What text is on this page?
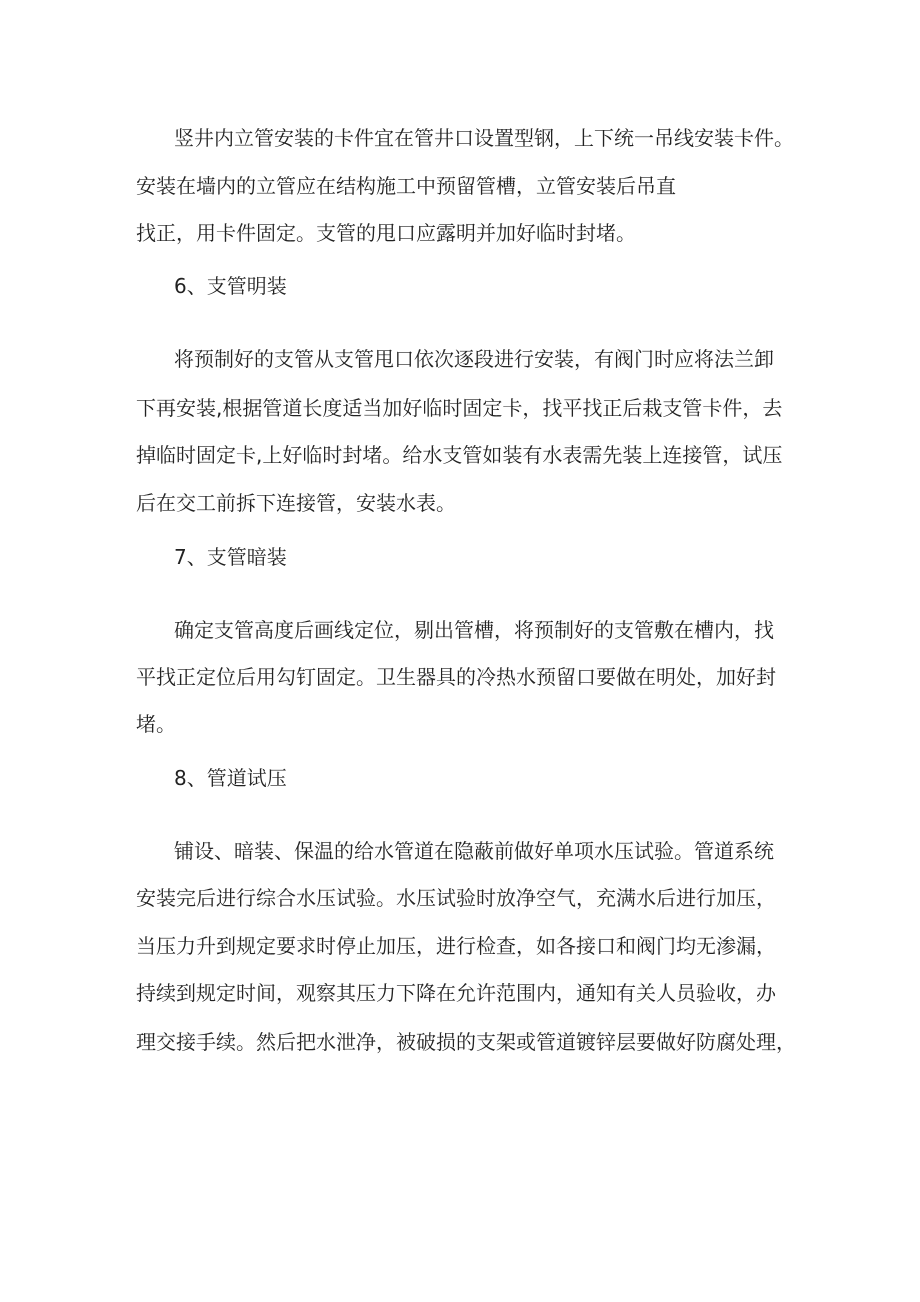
竖井内立管安装的卡件宜在管井口设置型钢，上下统一吊线安装卡件。
安装在墙内的立管应在结构施工中预留管槽，立管安装后吊直
找正，用卡件固定。支管的甩口应露明并加好临时封堵。
6、支管明装
将预制好的支管从支管甩口依次逐段进行安装，有阀门时应将法兰卸
下再安装,根据管道长度适当加好临时固定卡，找平找正后栽支管卡件，去
掉临时固定卡,上好临时封堵。给水支管如装有水表需先装上连接管，试压
后在交工前拆下连接管，安装水表。
7、支管暗装
确定支管高度后画线定位，剔出管槽，将预制好的支管敷在槽内，找
平找正定位后用勾钉固定。卫生器具的冷热水预留口要做在明处，加好封
堵。
8、管道试压
铺设、暗装、保温的给水管道在隐蔽前做好单项水压试验。管道系统
安装完后进行综合水压试验。水压试验时放净空气，充满水后进行加压，
当压力升到规定要求时停止加压，进行检查，如各接口和阀门均无渗漏，
持续到规定时间，观察其压力下降在允许范围内，通知有关人员验收，办
理交接手续。然后把水泄净，被破损的支架或管道镀锌层要做好防腐处理，
